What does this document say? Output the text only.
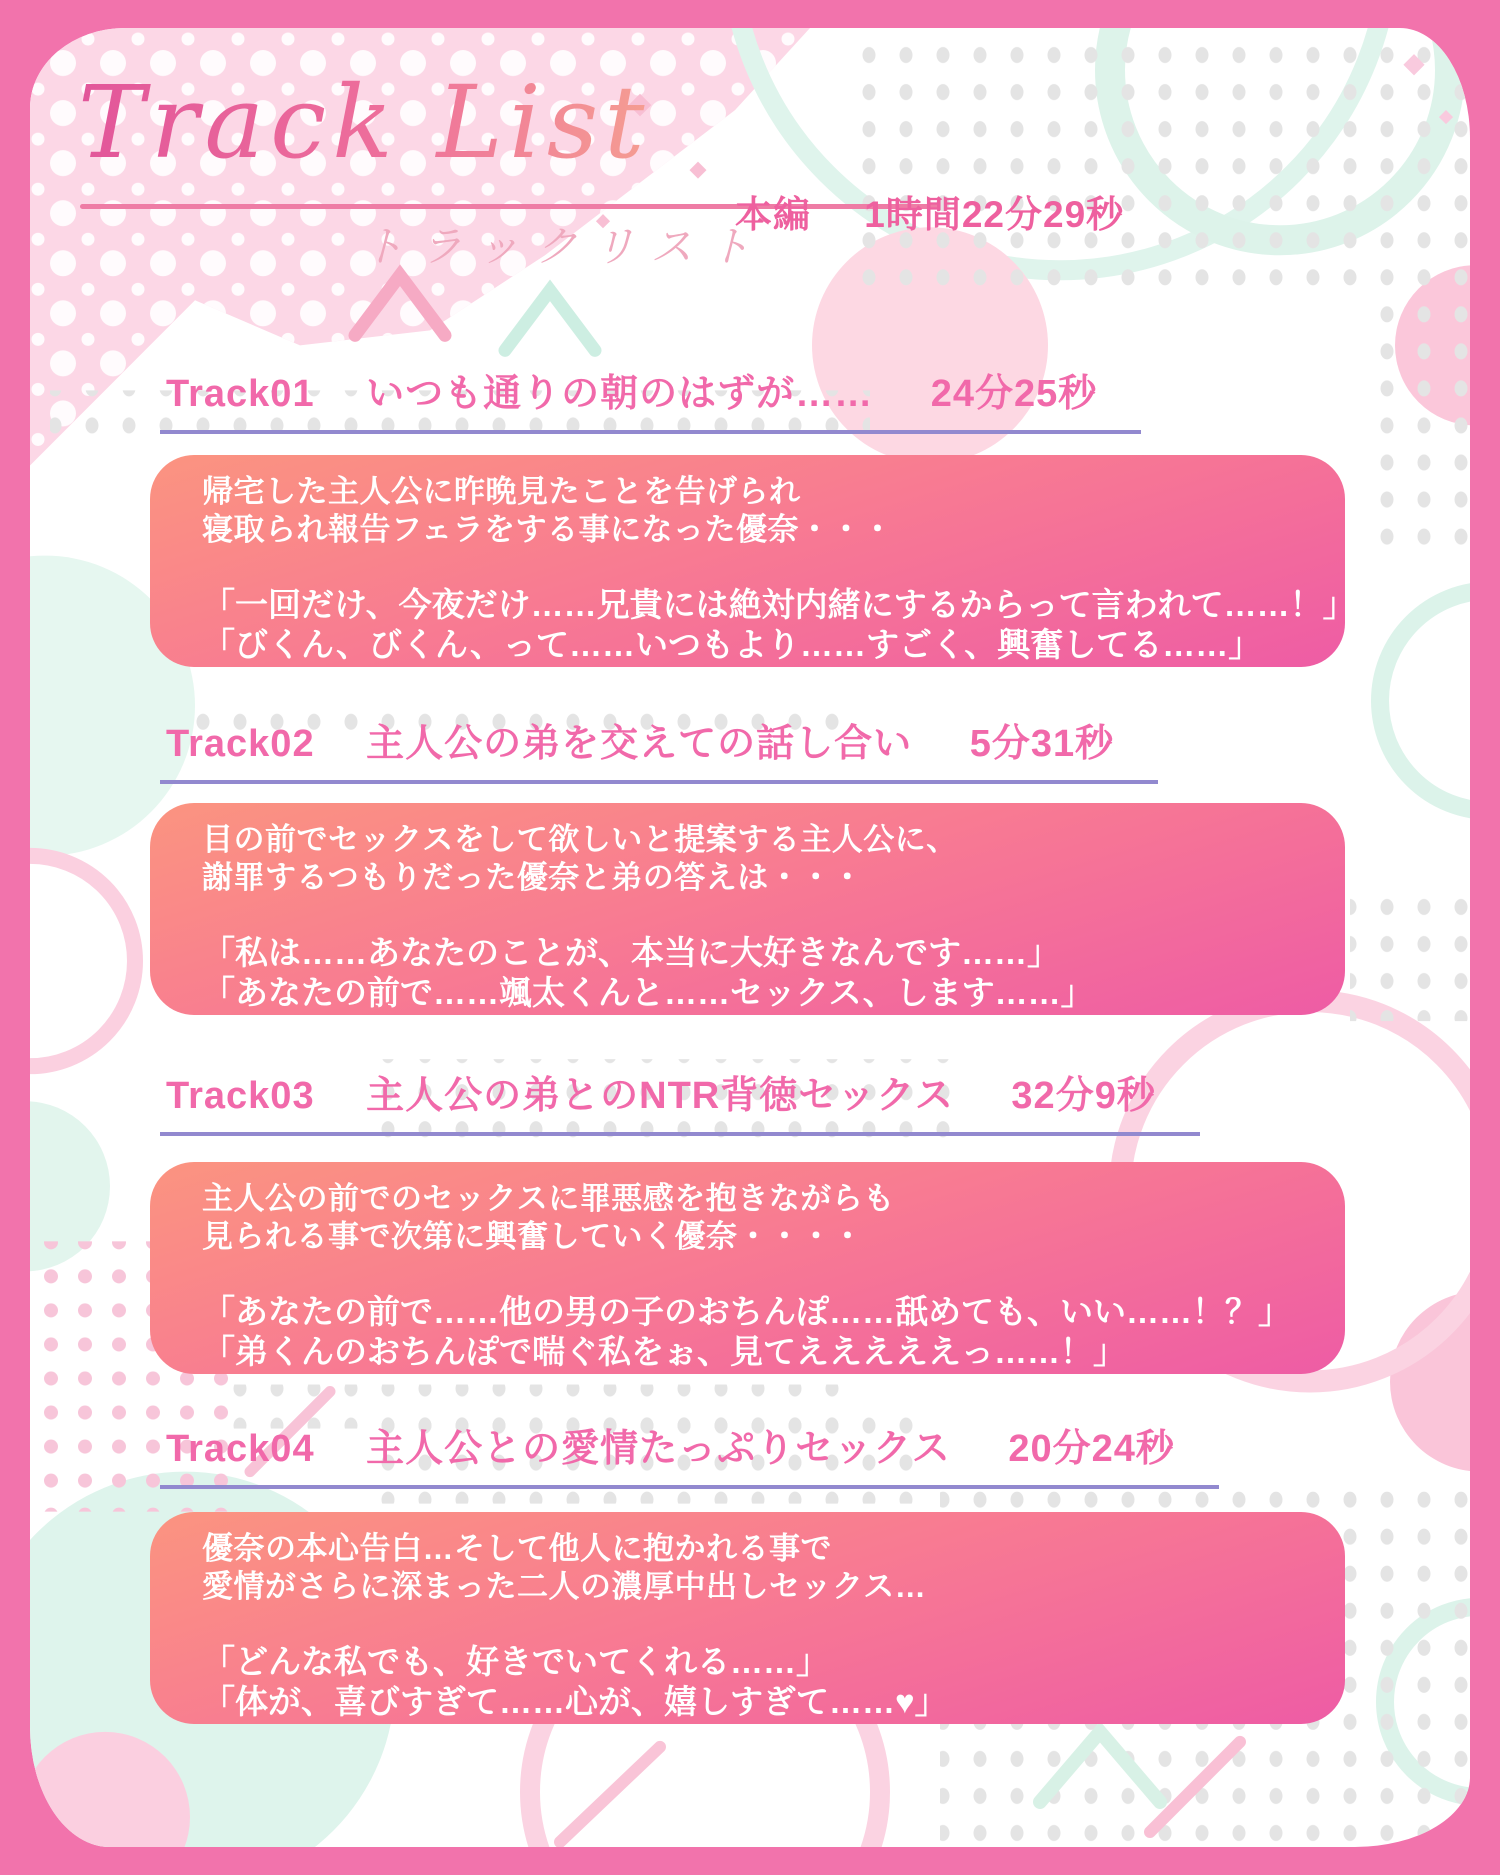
Track List
トラックリスト
本編 1時間22分29秒
Track01 いつも通りの朝のはずが…… 24分25秒
帰宅した主人公に昨晩見たことを告げられ
寝取られ報告フェラをする事になった優奈・・・
「一回だけ、今夜だけ……兄貴には絶対内緒にするからって言われて……！」
「びくん、びくん、って……いつもより……すごく、興奮してる……」
Track02 主人公の弟を交えての話し合い 5分31秒
目の前でセックスをして欲しいと提案する主人公に、
謝罪するつもりだった優奈と弟の答えは・・・
「私は……あなたのことが、本当に大好きなんです……」
「あなたの前で……颯太くんと……セックス、します……」
Track03 主人公の弟とのNTR背徳セックス 32分9秒
主人公の前でのセックスに罪悪感を抱きながらも
見られる事で次第に興奮していく優奈・・・・
「あなたの前で……他の男の子のおちんぽ……舐めても、いい……！？」
「弟くんのおちんぽで喘ぐ私をぉ、見てえええええっ……！」
Track04 主人公との愛情たっぷりセックス 20分24秒
優奈の本心告白…そして他人に抱かれる事で
愛情がさらに深まった二人の濃厚中出しセックス…
「どんな私でも、好きでいてくれる……」
「体が、喜びすぎて……心が、嬉しすぎて……♥」
